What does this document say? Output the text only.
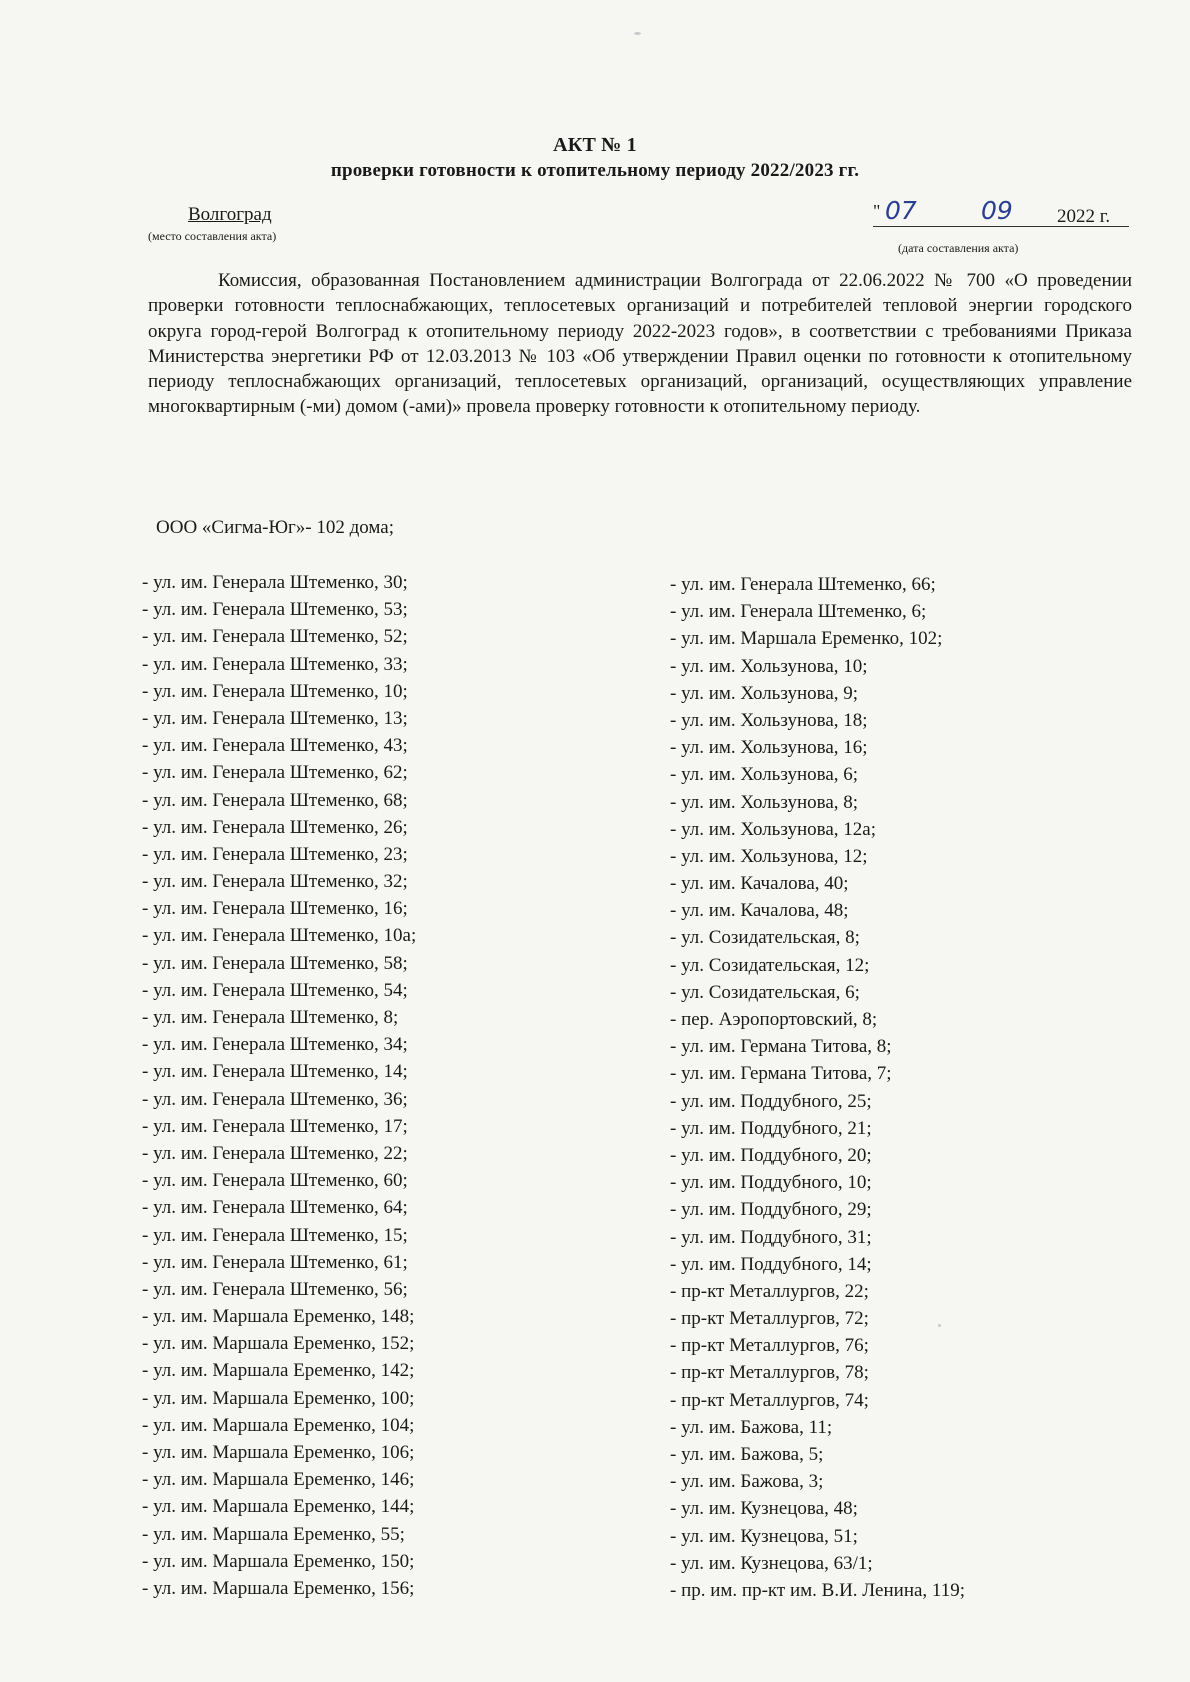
АКТ № 1
проверки готовности к отопительному периоду 2022/2023 гг.
Волгоград
(место составления акта)
" 07	09 2022 г.
(дата составления акта)

Комиссия, образованная Постановлением администрации Волгограда от 22.06.2022 № 700 «О проведении проверки готовности теплоснабжающих, теплосетевых организаций и потребителей тепловой энергии городского округа город-герой Волгоград к отопительному периоду 2022-2023 годов», в соответствии с требованиями Приказа Министерства энергетики РФ от 12.03.2013 № 103 «Об утверждении Правил оценки по готовности к отопительному периоду теплоснабжающих организаций, теплосетевых организаций, организаций, осуществляющих управление многоквартирным (-ми) домом (-ами)» провела проверку готовности к отопительному периоду.

ООО «Сигма-Юг»- 102 дома;
- ул. им. Генерала Штеменко, 30;
- ул. им. Генерала Штеменко, 53;
- ул. им. Генерала Штеменко, 52;
- ул. им. Генерала Штеменко, 33;
- ул. им. Генерала Штеменко, 10;
- ул. им. Генерала Штеменко, 13;
- ул. им. Генерала Штеменко, 43;
- ул. им. Генерала Штеменко, 62;
- ул. им. Генерала Штеменко, 68;
- ул. им. Генерала Штеменко, 26;
- ул. им. Генерала Штеменко, 23;
- ул. им. Генерала Штеменко, 32;
- ул. им. Генерала Штеменко, 16;
- ул. им. Генерала Штеменко, 10а;
- ул. им. Генерала Штеменко, 58;
- ул. им. Генерала Штеменко, 54;
- ул. им. Генерала Штеменко, 8;
- ул. им. Генерала Штеменко, 34;
- ул. им. Генерала Штеменко, 14;
- ул. им. Генерала Штеменко, 36;
- ул. им. Генерала Штеменко, 17;
- ул. им. Генерала Штеменко, 22;
- ул. им. Генерала Штеменко, 60;
- ул. им. Генерала Штеменко, 64;
- ул. им. Генерала Штеменко, 15;
- ул. им. Генерала Штеменко, 61;
- ул. им. Генерала Штеменко, 56;
- ул. им. Маршала Еременко, 148;
- ул. им. Маршала Еременко, 152;
- ул. им. Маршала Еременко, 142;
- ул. им. Маршала Еременко, 100;
- ул. им. Маршала Еременко, 104;
- ул. им. Маршала Еременко, 106;
- ул. им. Маршала Еременко, 146;
- ул. им. Маршала Еременко, 144;
- ул. им. Маршала Еременко, 55;
- ул. им. Маршала Еременко, 150;
- ул. им. Маршала Еременко, 156;
- ул. им. Генерала Штеменко, 66;
- ул. им. Генерала Штеменко, 6;
- ул. им. Маршала Еременко, 102;
- ул. им. Хользунова, 10;
- ул. им. Хользунова, 9;
- ул. им. Хользунова, 18;
- ул. им. Хользунова, 16;
- ул. им. Хользунова, 6;
- ул. им. Хользунова, 8;
- ул. им. Хользунова, 12а;
- ул. им. Хользунова, 12;
- ул. им. Качалова, 40;
- ул. им. Качалова, 48;
- ул. Созидательская, 8;
- ул. Созидательская, 12;
- ул. Созидательская, 6;
- пер. Аэропортовский, 8;
- ул. им. Германа Титова, 8;
- ул. им. Германа Титова, 7;
- ул. им. Поддубного, 25;
- ул. им. Поддубного, 21;
- ул. им. Поддубного, 20;
- ул. им. Поддубного, 10;
- ул. им. Поддубного, 29;
- ул. им. Поддубного, 31;
- ул. им. Поддубного, 14;
- пр-кт Металлургов, 22;
- пр-кт Металлургов, 72;
- пр-кт Металлургов, 76;
- пр-кт Металлургов, 78;
- пр-кт Металлургов, 74;
- ул. им. Бажова, 11;
- ул. им. Бажова, 5;
- ул. им. Бажова, 3;
- ул. им. Кузнецова, 48;
- ул. им. Кузнецова, 51;
- ул. им. Кузнецова, 63/1;
- пр. им. пр-кт им. В.И. Ленина, 119;
